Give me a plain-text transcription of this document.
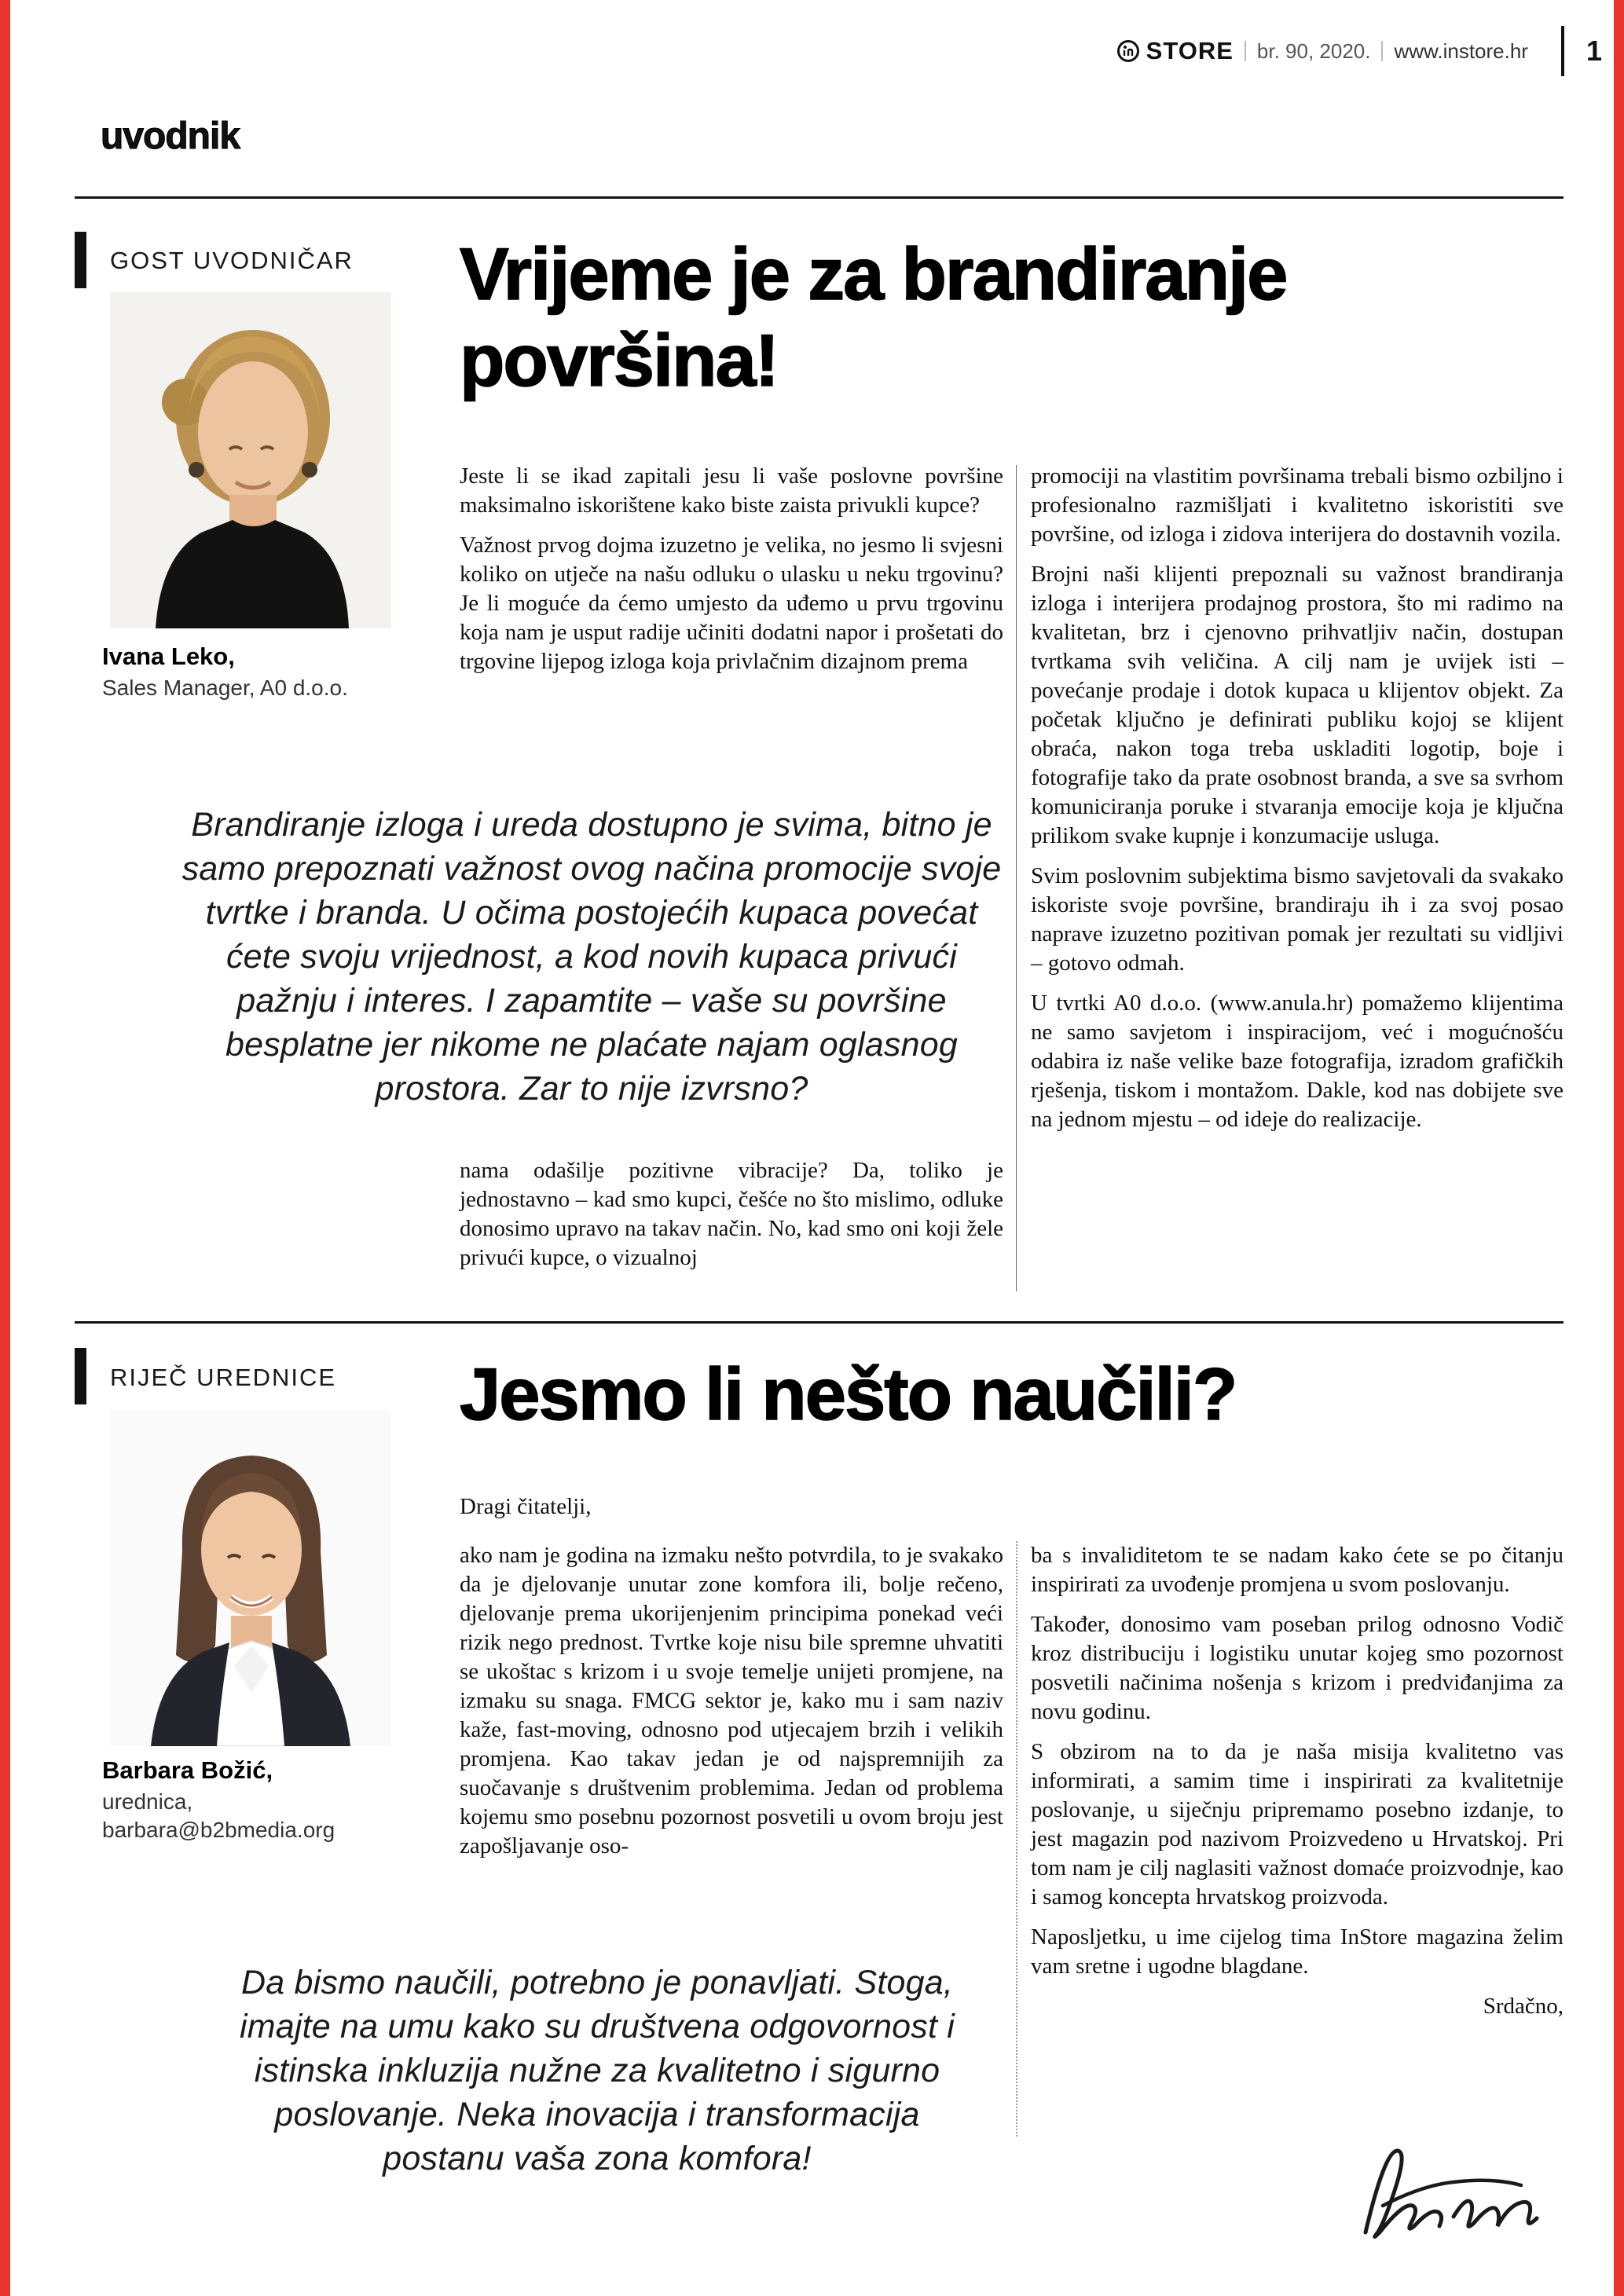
STORE br. 90, 2020. www.instore.hr 1
uvodnik
GOST UVODNIČAR
Ivana Leko,
Sales Manager, A0 d.o.o.
Vrijeme je za brandiranje površina!

Jeste li se ikad zapitali jesu li vaše poslovne površine maksimalno iskorištene kako biste zaista privukli kupce?

Važnost prvog dojma izuzetno je velika, no jesmo li svjesni koliko on utječe na našu odluku o ulasku u neku trgovinu? Je li moguće da ćemo umjesto da uđemo u prvu trgovinu koja nam je usput radije učiniti dodatni napor i prošetati do trgovine lijepog izloga koja privlačnim dizajnom prema

promociji na vlastitim površinama trebali bismo ozbiljno i profesionalno razmišljati i kvalitetno iskoristiti sve površine, od izloga i zidova interijera do dostavnih vozila.

Brojni naši klijenti prepoznali su važnost brandiranja izloga i interijera prodajnog prostora, što mi radimo na kvalitetan, brz i cjenovno prihvatljiv način, dostupan tvrtkama svih veličina. A cilj nam je uvijek isti – povećanje prodaje i dotok kupaca u klijentov objekt. Za početak ključno je definirati publiku kojoj se klijent obraća, nakon toga treba uskladiti logotip, boje i fotografije tako da prate osobnost branda, a sve sa svrhom komuniciranja poruke i stvaranja emocije koja je ključna prilikom svake kupnje i konzumacije usluga.

Svim poslovnim subjektima bismo savjetovali da svakako iskoriste svoje površine, brandiraju ih i za svoj posao naprave izuzetno pozitivan pomak jer rezultati su vidljivi – gotovo odmah.

U tvrtki A0 d.o.o. (www.anula.hr) pomažemo klijentima ne samo savjetom i inspiracijom, već i mogućnošću odabira iz naše velike baze fotografija, izradom grafičkih rješenja, tiskom i montažom. Dakle, kod nas dobijete sve na jednom mjestu – od ideje do realizacije.

Brandiranje izloga i ureda dostupno je svima, bitno je samo prepoznati važnost ovog načina promocije svoje tvrtke i branda. U očima postojećih kupaca povećat ćete svoju vrijednost, a kod novih kupaca privući pažnju i interes. I zapamtite – vaše su površine besplatne jer nikome ne plaćate najam oglasnog prostora. Zar to nije izvrsno?

nama odašilje pozitivne vibracije? Da, toliko je jednostavno – kad smo kupci, češće no što mislimo, odluke donosimo upravo na takav način. No, kad smo oni koji žele privući kupce, o vizualnoj

RIJEČ UREDNICE
Barbara Božić,
urednica,
barbara@b2bmedia.org
Jesmo li nešto naučili?
Dragi čitatelji,

ako nam je godina na izmaku nešto potvrdila, to je svakako da je djelovanje unutar zone komfora ili, bolje rečeno, djelovanje prema ukorijenjenim principima ponekad veći rizik nego prednost. Tvrtke koje nisu bile spremne uhvatiti se ukoštac s krizom i u svoje temelje unijeti promjene, na izmaku su snaga. FMCG sektor je, kako mu i sam naziv kaže, fast-moving, odnosno pod utjecajem brzih i velikih promjena. Kao takav jedan je od najspremnijih za suočavanje s društvenim problemima. Jedan od problema kojemu smo posebnu pozornost posvetili u ovom broju jest zapošljavanje oso-

ba s invaliditetom te se nadam kako ćete se po čitanju inspirirati za uvođenje promjena u svom poslovanju.

Također, donosimo vam poseban prilog odnosno Vodič kroz distribuciju i logistiku unutar kojeg smo pozornost posvetili načinima nošenja s krizom i predviđanjima za novu godinu.

S obzirom na to da je naša misija kvalitetno vas informirati, a samim time i inspirirati za kvalitetnije poslovanje, u siječnju pripremamo posebno izdanje, to jest magazin pod nazivom Proizvedeno u Hrvatskoj. Pri tom nam je cilj naglasiti važnost domaće proizvodnje, kao i samog koncepta hrvatskog proizvoda.

Naposljetku, u ime cijelog tima InStore magazina želim vam sretne i ugodne blagdane.

Srdačno,

Da bismo naučili, potrebno je ponavljati. Stoga, imajte na umu kako su društvena odgovornost i istinska inkluzija nužne za kvalitetno i sigurno poslovanje. Neka inovacija i transformacija postanu vaša zona komfora!
